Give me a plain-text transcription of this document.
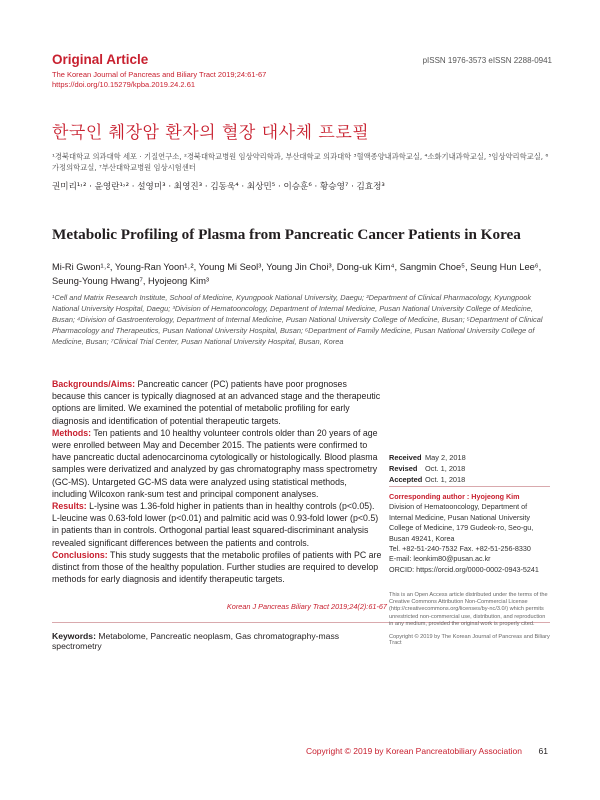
Original Article	pISSN 1976-3573 eISSN 2288-0941
The Korean Journal of Pancreas and Biliary Tract 2019;24:61-67
https://doi.org/10.15279/kpba.2019.24.2.61
한국인 췌장암 환자의 혈장 대사체 프로필
¹경북대학교 의과대학 세포 · 기질연구소, ²경북대학교병원 임상약리학과, 부산대학교 의과대학 ³혈액종양내과학교실, ⁴소화기내과학교실, ⁵임상약리학교실, ⁶가정의학교실, ⁷부산대학교병원 임상시험센터
권미리¹˒² · 윤영란¹˒² · 설영미³ · 최영진³ · 김동욱⁴ · 최상민⁵ · 이승훈⁶ · 황승영⁷ · 김효정³
Metabolic Profiling of Plasma from Pancreatic Cancer Patients in Korea
Mi-Ri Gwon¹˒², Young-Ran Yoon¹˒², Young Mi Seol³, Young Jin Choi³, Dong-uk Kim⁴, Sangmin Choe⁵, Seung Hun Lee⁶, Seung-Young Hwang⁷, Hyojeong Kim³
¹Cell and Matrix Research Institute, School of Medicine, Kyungpook National University, Daegu; ²Department of Clinical Pharmacology, Kyungpook National University Hospital, Daegu; ³Division of Hematooncology, Department of Internal Medicine, Pusan National University College of Medicine, Busan; ⁴Division of Gastroenterology, Department of Internal Medicine, Pusan National University College of Medicine, Busan; ⁵Department of Clinical Pharmacology and Therapeutics, Pusan National University Hospital, Busan; ⁶Department of Family Medicine, Pusan National University College of Medicine, Busan; ⁷Clinical Trial Center, Pusan National University Hospital, Busan, Korea

Backgrounds/Aims: Pancreatic cancer (PC) patients have poor prognoses because this cancer is typically diagnosed at an advanced stage and the therapeutic options are limited. We examined the potential of metabolic profiling for early diagnosis and identification of potential therapeutic targets.

Methods: Ten patients and 10 healthy volunteer controls older than 20 years of age were enrolled between May and December 2015. The patients were confirmed to have pancreatic ductal adenocarcinoma cytologically or histologically. Blood plasma samples were derivatized and analyzed by gas chromatography mass spectrometry (GC-MS). Untargeted GC-MS data were analyzed using statistical methods, including Wilcoxon rank-sum test and principal component analyses.

Results: L-lysine was 1.36-fold higher in patients than in healthy controls (p<0.05). L-leucine was 0.63-fold lower (p<0.01) and palmitic acid was 0.93-fold lower (p<0.5) in patients than in controls. Orthogonal partial least squared-discriminant analysis revealed significant differences between the patients and controls.

Conclusions: This study suggests that the metabolic profiles of patients with PC are distinct from those of the healthy population. Further studies are required to develop methods for early diagnosis and identify therapeutic targets.

Korean J Pancreas Biliary Tract 2019;24(2):61-67
Keywords: Metabolome, Pancreatic neoplasm, Gas chromatography-mass spectrometry
Received May 2, 2018
Revised	Oct. 1, 2018
Accepted Oct. 1, 2018
Corresponding author : Hyojeong Kim
Division of Hematooncology, Department of Internal Medicine, Pusan National University College of Medicine, 179 Gudeok-ro, Seo-gu, Busan 49241, Korea
Tel. +82-51-240-7532 Fax. +82-51-256-8330
E-mail: leonkim80@pusan.ac.kr
ORCID: https://orcid.org/0000-0002-0943-5241
This is an Open Access article distributed under the terms of the Creative Commons Attribution Non-Commercial License (http://creativecommons.org/licenses/by-nc/3.0/) which permits unrestricted non-commercial use, distribution, and reproduction in any medium, provided the original work is properly cited.
Copyright © 2019 by The Korean Journal of Pancreas and Biliary Tract
Copyright © 2019 by Korean Pancreatobiliary Association 61
